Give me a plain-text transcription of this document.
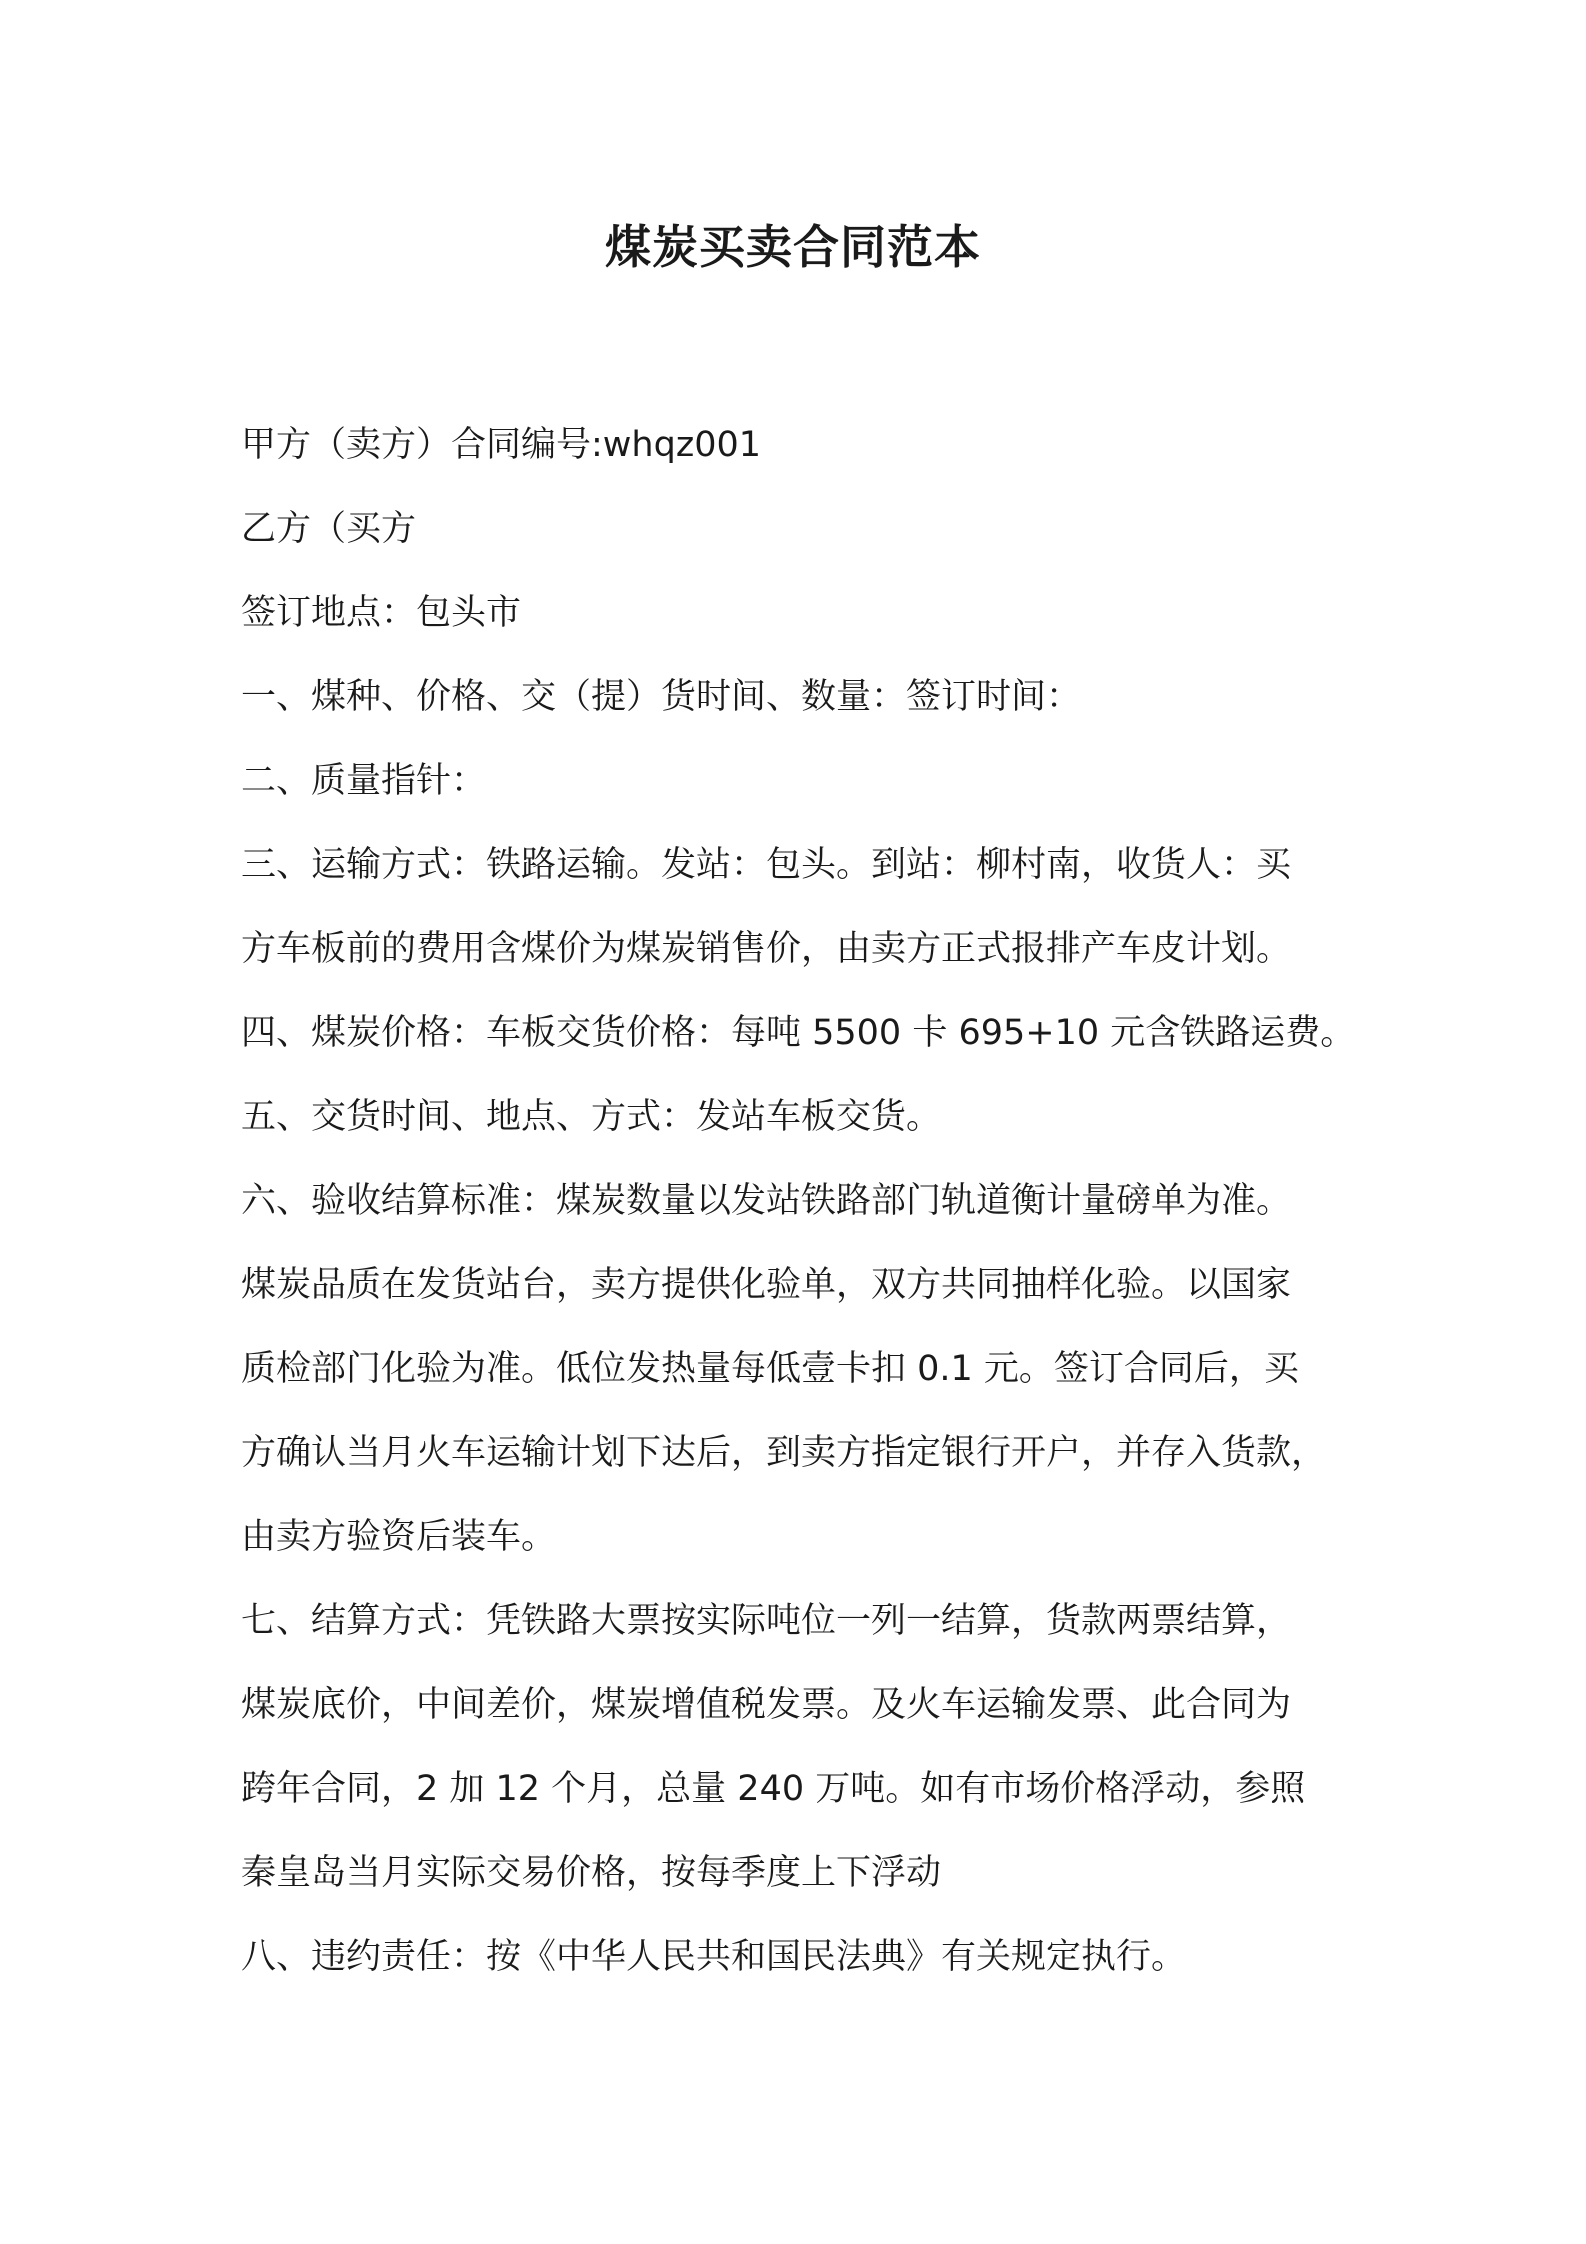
煤炭买卖合同范本

甲方（卖方）合同编号:whqz001

乙方（买方

签订地点：包头市

一、煤种、价格、交（提）货时间、数量：签订时间：

二、质量指针：

三、运输方式：铁路运输。发站：包头。到站：柳村南，收货人：买

方车板前的费用含煤价为煤炭销售价，由卖方正式报排产车皮计划。

四、煤炭价格：车板交货价格：每吨 5500 卡 695+10 元含铁路运费。

五、交货时间、地点、方式：发站车板交货。

六、验收结算标准：煤炭数量以发站铁路部门轨道衡计量磅单为准。

煤炭品质在发货站台，卖方提供化验单，双方共同抽样化验。以国家

质检部门化验为准。低位发热量每低壹卡扣 0.1 元。签订合同后，买

方确认当月火车运输计划下达后，到卖方指定银行开户，并存入货款，

由卖方验资后装车。

七、结算方式：凭铁路大票按实际吨位一列一结算，货款两票结算，

煤炭底价，中间差价，煤炭增值税发票。及火车运输发票、此合同为

跨年合同，2 加 12 个月，总量 240 万吨。如有市场价格浮动，参照

秦皇岛当月实际交易价格，按每季度上下浮动

八、违约责任：按《中华人民共和国民法典》有关规定执行。
